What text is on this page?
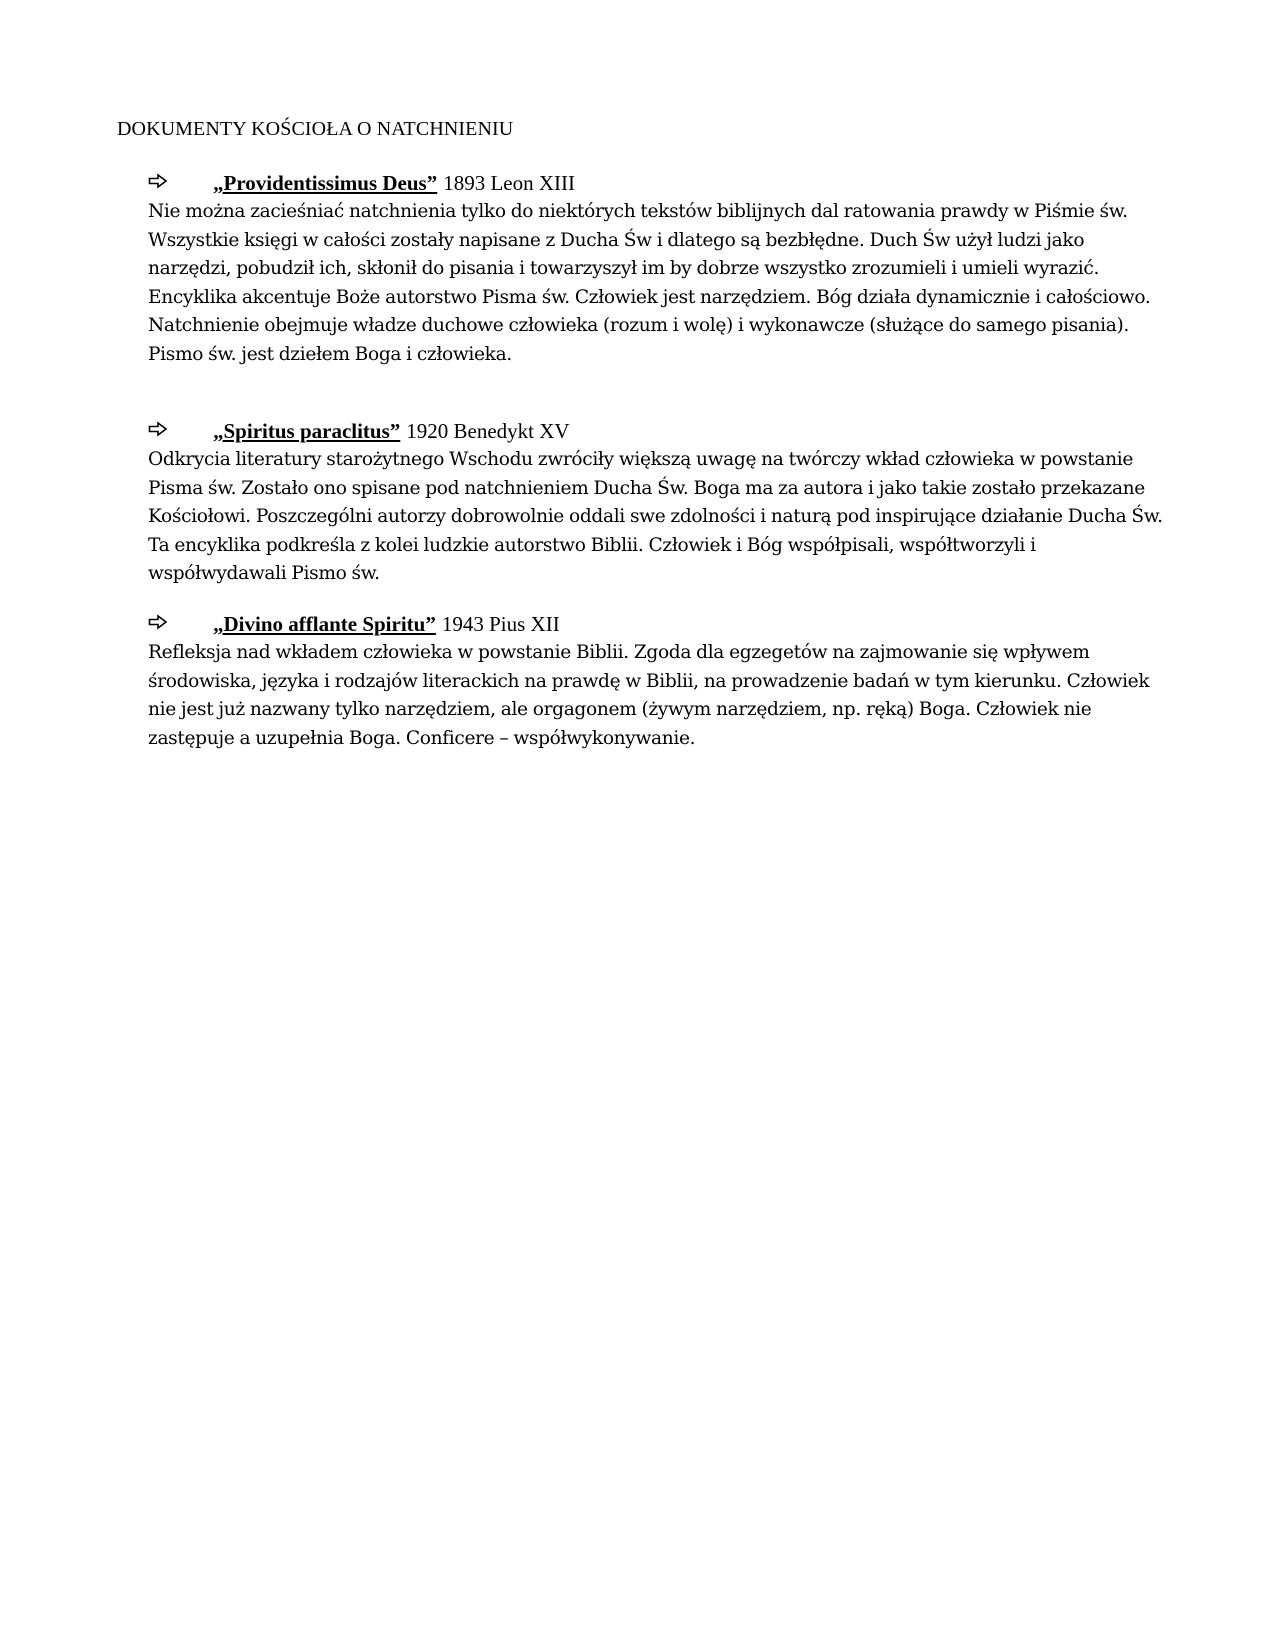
DOKUMENTY KOŚCIOŁA O NATCHNIENIU
„Providentissimus Deus” 1893 Leon XIII

Nie można zacieśniać natchnienia tylko do niektórych tekstów biblijnych dal ratowania prawdy w Piśmie św. Wszystkie księgi w całości zostały napisane z Ducha Św i dlatego są bezbłędne. Duch Św użył ludzi jako narzędzi, pobudził ich, skłonił do pisania i towarzyszył im by dobrze wszystko zrozumieli i umieli wyrazić. Encyklika akcentuje Boże autorstwo Pisma św. Człowiek jest narzędziem. Bóg działa dynamicznie i całościowo. Natchnienie obejmuje władze duchowe człowieka (rozum i wolę) i wykonawcze (służące do samego pisania). Pismo św. jest dziełem Boga i człowieka.

„Spiritus paraclitus” 1920 Benedykt XV

Odkrycia literatury starożytnego Wschodu zwróciły większą uwagę na twórczy wkład człowieka w powstanie Pisma św. Zostało ono spisane pod natchnieniem Ducha Św. Boga ma za autora i jako takie zostało przekazane Kościołowi. Poszczególni autorzy dobrowolnie oddali swe zdolności i naturą pod inspirujące działanie Ducha Św. Ta encyklika podkreśla z kolei ludzkie autorstwo Biblii. Człowiek i Bóg współpisali, współtworzyli i współwydawali Pismo św.

„Divino afflante Spiritu” 1943 Pius XII

Refleksja nad wkładem człowieka w powstanie Biblii. Zgoda dla egzegetów na zajmowanie się wpływem środowiska, języka i rodzajów literackich na prawdę w Biblii, na prowadzenie badań w tym kierunku. Człowiek nie jest już nazwany tylko narzędziem, ale orgagonem (żywym narzędziem, np. ręką) Boga. Człowiek nie zastępuje a uzupełnia Boga. Conficere – współwykonywanie.
